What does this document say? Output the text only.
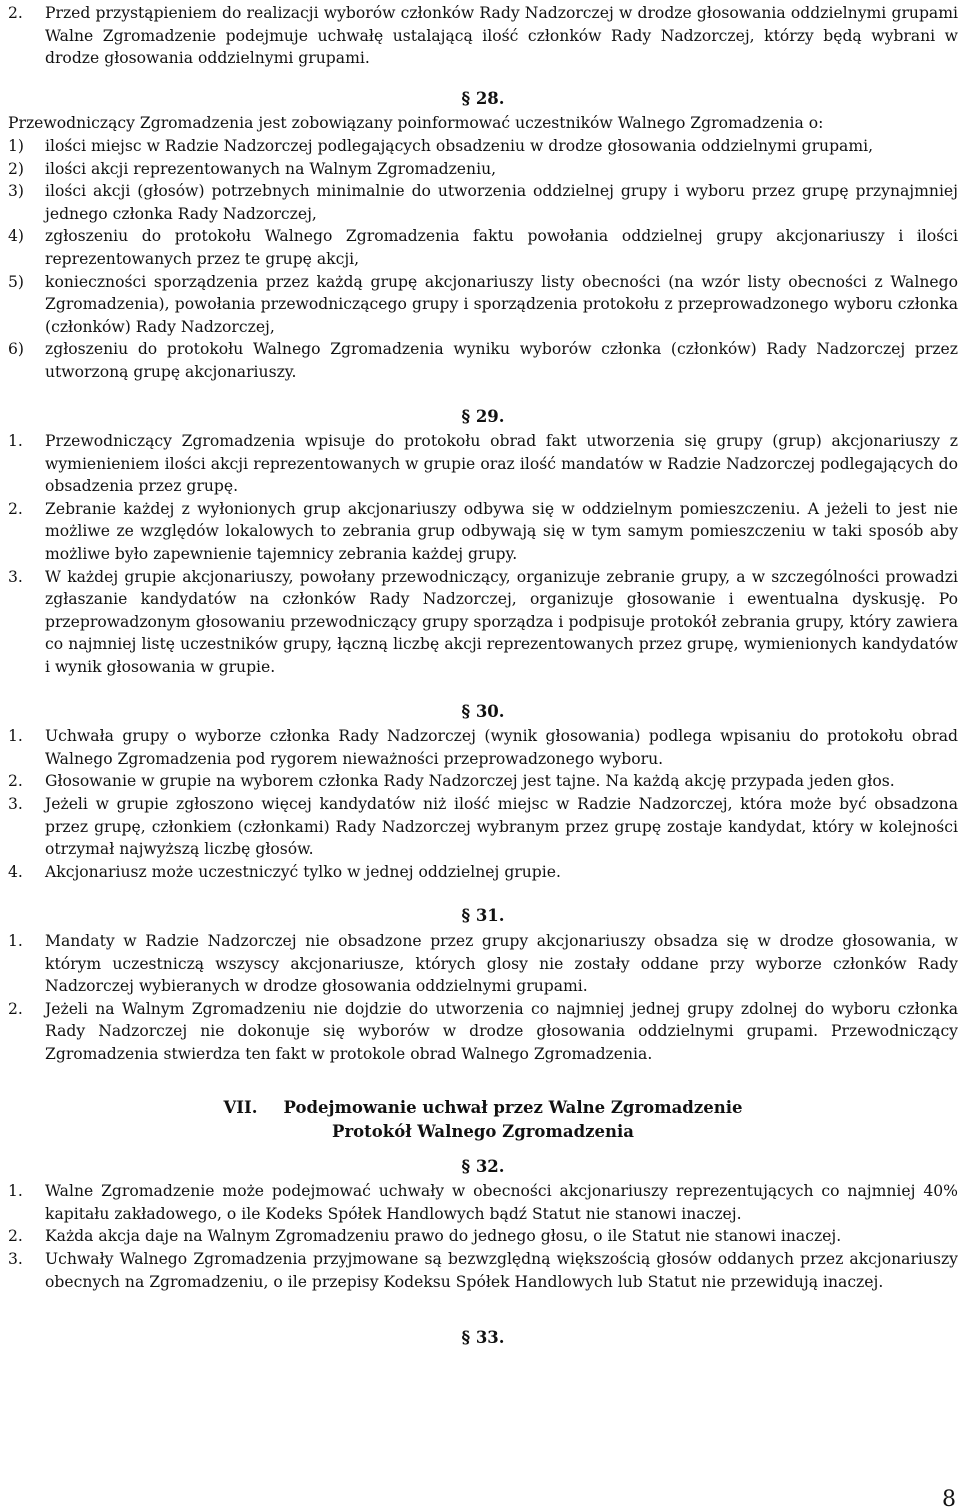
2. Przed przystąpieniem do realizacji wyborów członków Rady Nadzorczej w drodze głosowania oddzielnymi grupami Walne Zgromadzenie podejmuje uchwałę ustalającą ilość członków Rady Nadzorczej, którzy będą wybrani w drodze głosowania oddzielnymi grupami.

§ 28.

Przewodniczący Zgromadzenia jest zobowiązany poinformować uczestników Walnego Zgromadzenia o:

1) ilości miejsc w Radzie Nadzorczej podlegających obsadzeniu w drodze głosowania oddzielnymi grupami,
2) ilości akcji reprezentowanych na Walnym Zgromadzeniu,
3) ilości akcji (głosów) potrzebnych minimalnie do utworzenia oddzielnej grupy i wyboru przez grupę przynajmniej jednego członka Rady Nadzorczej,
4) zgłoszeniu do protokołu Walnego Zgromadzenia faktu powołania oddzielnej grupy akcjonariuszy i ilości reprezentowanych przez te grupę akcji,
5) konieczności sporządzenia przez każdą grupę akcjonariuszy listy obecności (na wzór listy obecności z Walnego Zgromadzenia), powołania przewodniczącego grupy i sporządzenia protokołu z przeprowadzonego wyboru członka (członków) Rady Nadzorczej,
6) zgłoszeniu do protokołu Walnego Zgromadzenia wyniku wyborów członka (członków) Rady Nadzorczej przez utworzoną grupę akcjonariuszy.

§ 29.

1. Przewodniczący Zgromadzenia wpisuje do protokołu obrad fakt utworzenia się grupy (grup) akcjonariuszy z wymienieniem ilości akcji reprezentowanych w grupie oraz ilość mandatów w Radzie Nadzorczej podlegających do obsadzenia przez grupę.
2. Zebranie każdej z wyłonionych grup akcjonariuszy odbywa się w oddzielnym pomieszczeniu. A jeżeli to jest nie możliwe ze względów lokalowych to zebrania grup odbywają się w tym samym pomieszczeniu w taki sposób aby możliwe było zapewnienie tajemnicy zebrania każdej grupy.
3. W każdej grupie akcjonariuszy, powołany przewodniczący, organizuje zebranie grupy, a w szczególności prowadzi zgłaszanie kandydatów na członków Rady Nadzorczej, organizuje głosowanie i ewentualna dyskusję. Po przeprowadzonym głosowaniu przewodniczący grupy sporządza i podpisuje protokół zebrania grupy, który zawiera co najmniej listę uczestników grupy, łączną liczbę akcji reprezentowanych przez grupę, wymienionych kandydatów i wynik głosowania w grupie.

§ 30.

1. Uchwała grupy o wyborze członka Rady Nadzorczej (wynik głosowania) podlega wpisaniu do protokołu obrad Walnego Zgromadzenia pod rygorem nieważności przeprowadzonego wyboru.
2. Głosowanie w grupie na wyborem członka Rady Nadzorczej jest tajne. Na każdą akcję przypada jeden głos.
3. Jeżeli w grupie zgłoszono więcej kandydatów niż ilość miejsc w Radzie Nadzorczej, która może być obsadzona przez grupę, członkiem (członkami) Rady Nadzorczej wybranym przez grupę zostaje kandydat, który w kolejności otrzymał najwyższą liczbę głosów.
4. Akcjonariusz może uczestniczyć tylko w jednej oddzielnej grupie.

§ 31.

1. Mandaty w Radzie Nadzorczej nie obsadzone przez grupy akcjonariuszy obsadza się w drodze głosowania, w którym uczestniczą wszyscy akcjonariusze, których glosy nie zostały oddane przy wyborze członków Rady Nadzorczej wybieranych w drodze głosowania oddzielnymi grupami.
2. Jeżeli na Walnym Zgromadzeniu nie dojdzie do utworzenia co najmniej jednej grupy zdolnej do wyboru członka Rady Nadzorczej nie dokonuje się wyborów w drodze głosowania oddzielnymi grupami. Przewodniczący Zgromadzenia stwierdza ten fakt w protokole obrad Walnego Zgromadzenia.
VII. Podejmowanie uchwał przez Walne Zgromadzenie
Protokół Walnego Zgromadzenia

§ 32.

1. Walne Zgromadzenie może podejmować uchwały w obecności akcjonariuszy reprezentujących co najmniej 40% kapitału zakładowego, o ile Kodeks Spółek Handlowych bądź Statut nie stanowi inaczej.
2. Każda akcja daje na Walnym Zgromadzeniu prawo do jednego głosu, o ile Statut nie stanowi inaczej.
3. Uchwały Walnego Zgromadzenia przyjmowane są bezwzględną większością głosów oddanych przez akcjonariuszy obecnych na Zgromadzeniu, o ile przepisy Kodeksu Spółek Handlowych lub Statut nie przewidują inaczej.

§ 33.

8
